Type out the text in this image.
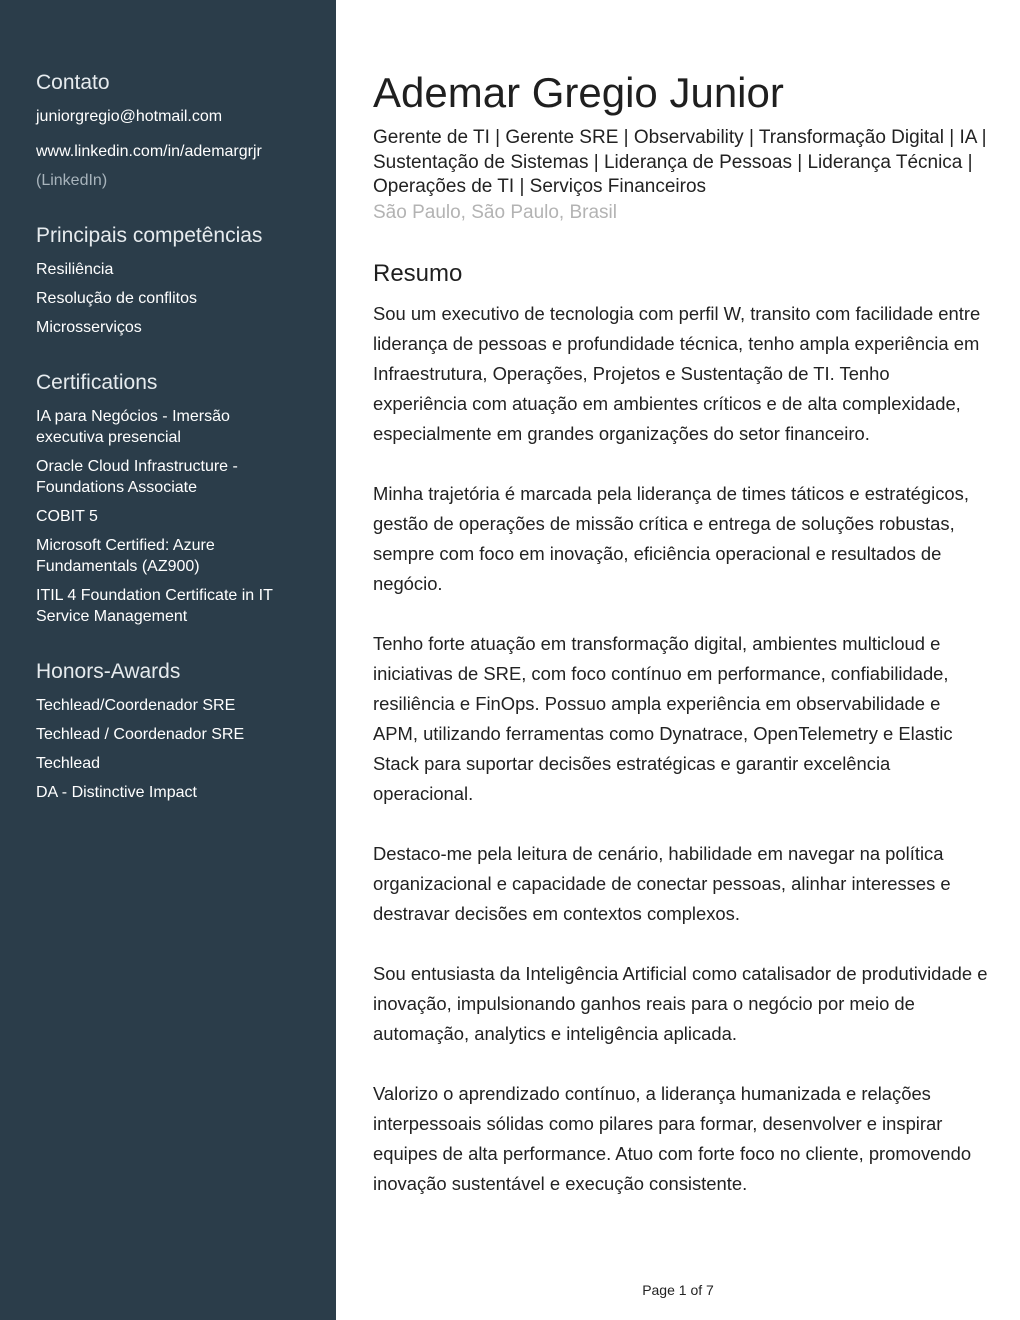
Contato
juniorgregio@hotmail.com
www.linkedin.com/in/ademargrjr
(LinkedIn)
Principais competências
Resiliência
Resolução de conflitos
Microsserviços
Certifications
IA para Negócios - Imersão executiva presencial
Oracle Cloud Infrastructure - Foundations Associate
COBIT 5
Microsoft Certified: Azure Fundamentals (AZ900)
ITIL 4 Foundation Certificate in IT Service Management
Honors-Awards
Techlead/Coordenador SRE
Techlead / Coordenador SRE
Techlead
DA - Distinctive Impact
Ademar Gregio Junior
Gerente de TI | Gerente SRE | Observability | Transformação Digital | IA | Sustentação de Sistemas | Liderança de Pessoas | Liderança Técnica | Operações de TI | Serviços Financeiros
São Paulo, São Paulo, Brasil
Resumo

Sou um executivo de tecnologia com perfil W, transito com facilidade entre liderança de pessoas e profundidade técnica, tenho ampla experiência em Infraestrutura, Operações, Projetos e Sustentação de TI. Tenho experiência com atuação em ambientes críticos e de alta complexidade, especialmente em grandes organizações do setor financeiro.

Minha trajetória é marcada pela liderança de times táticos e estratégicos, gestão de operações de missão crítica e entrega de soluções robustas, sempre com foco em inovação, eficiência operacional e resultados de negócio.

Tenho forte atuação em transformação digital, ambientes multicloud e iniciativas de SRE, com foco contínuo em performance, confiabilidade, resiliência e FinOps. Possuo ampla experiência em observabilidade e APM, utilizando ferramentas como Dynatrace, OpenTelemetry e Elastic Stack para suportar decisões estratégicas e garantir excelência operacional.

Destaco-me pela leitura de cenário, habilidade em navegar na política organizacional e capacidade de conectar pessoas, alinhar interesses e destravar decisões em contextos complexos.

Sou entusiasta da Inteligência Artificial como catalisador de produtividade e inovação, impulsionando ganhos reais para o negócio por meio de automação, analytics e inteligência aplicada.

Valorizo o aprendizado contínuo, a liderança humanizada e relações interpessoais sólidas como pilares para formar, desenvolver e inspirar equipes de alta performance. Atuo com forte foco no cliente, promovendo inovação sustentável e execução consistente.

Page 1 of 7
